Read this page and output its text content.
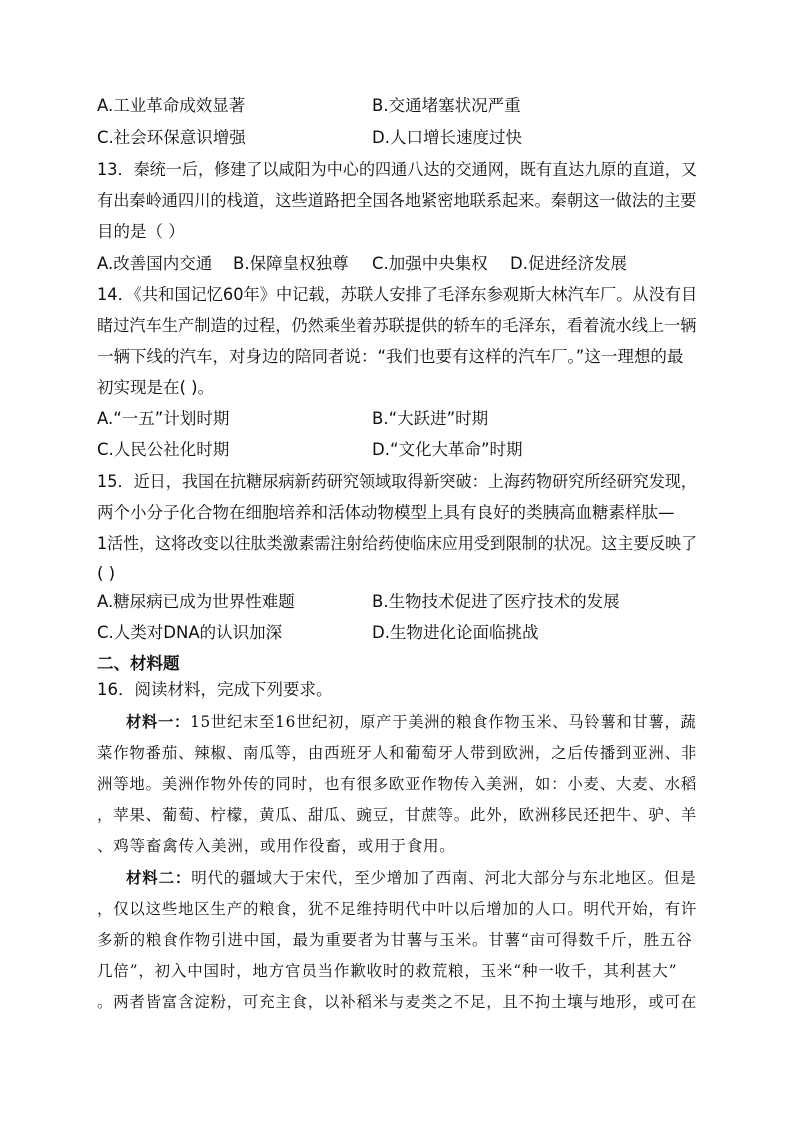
A.工业革命成效显著	B.交通堵塞状况严重
C.社会环保意识增强	D.人口增长速度过快
13．秦统一后，修建了以咸阳为中心的四通八达的交通网，既有直达九原的直道，又
有出秦岭通四川的栈道，这些道路把全国各地紧密地联系起来。秦朝这一做法的主要
目的是（ ）
A.改善国内交通 B.保障皇权独尊 C.加强中央集权 D.促进经济发展
14．《共和国记忆60年》中记载，苏联人安排了毛泽东参观斯大林汽车厂。从没有目
睹过汽车生产制造的过程，仍然乘坐着苏联提供的轿车的毛泽东，看着流水线上一辆
一辆下线的汽车，对身边的陪同者说：“我们也要有这样的汽车厂。”这一理想的最
初实现是在( )。
A.“一五”计划时期	B.“大跃进”时期
C.人民公社化时期	D.“文化大革命”时期
15．近日，我国在抗糖尿病新药研究领域取得新突破：上海药物研究所经研究发现，
两个小分子化合物在细胞培养和活体动物模型上具有良好的类胰高血糖素样肽—
1活性，这将改变以往肽类激素需注射给药使临床应用受到限制的状况。这主要反映了
( )
A.糖尿病已成为世界性难题	B.生物技术促进了医疗技术的发展
C.人类对DNA的认识加深	D.生物进化论面临挑战
二、材料题
16．阅读材料，完成下列要求。
材料一：15世纪末至16世纪初，原产于美洲的粮食作物玉米、马铃薯和甘薯，蔬
菜作物番茄、辣椒、南瓜等，由西班牙人和葡萄牙人带到欧洲，之后传播到亚洲、非
洲等地。美洲作物外传的同时，也有很多欧亚作物传入美洲，如：小麦、大麦、水稻
，苹果、葡萄、柠檬，黄瓜、甜瓜、豌豆，甘蔗等。此外，欧洲移民还把牛、驴、羊
、鸡等畜禽传入美洲，或用作役畜，或用于食用。
材料二：明代的疆域大于宋代，至少增加了西南、河北大部分与东北地区。但是
，仅以这些地区生产的粮食，犹不足维持明代中叶以后增加的人口。明代开始，有许
多新的粮食作物引进中国，最为重要者为甘薯与玉米。甘薯“亩可得数千斤，胜五谷
几倍”，初入中国时，地方官员当作歉收时的救荒粮，玉米“种一收千，其利甚大”
。两者皆富含淀粉，可充主食，以补稻米与麦类之不足，且不拘土壤与地形，或可在
